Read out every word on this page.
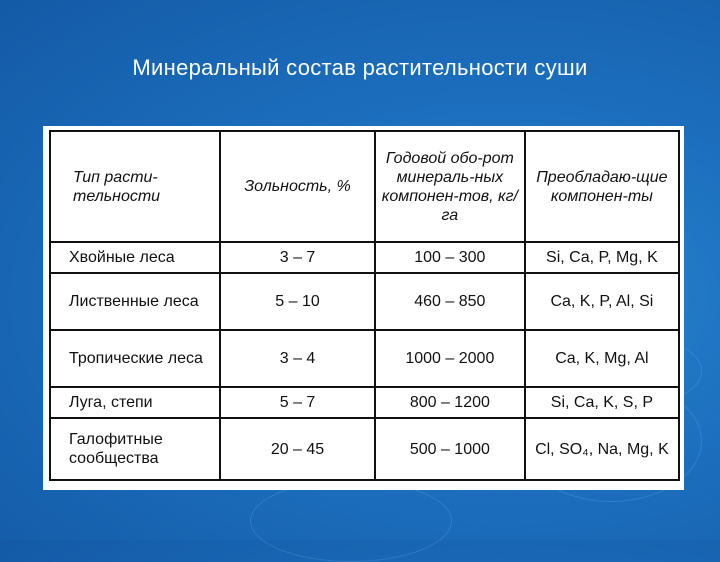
Минеральный состав растительности суши
Тип расти-тельности	Зольность, %	Годовой обо-рот минераль-ных компонен-тов, кг/га	Преобладаю-щие компонен-ты
Хвойные леса	3 – 7	100 – 300	Si, Ca, P, Mg, K
Лиственные леса	5 – 10	460 – 850	Ca, K, P, Al, Si
Тропические леса	3 – 4	1000 – 2000	Ca, K, Mg, Al
Луга, степи	5 – 7	800 – 1200	Si, Ca, K, S, P
Галофитные сообщества	20 – 45	500 – 1000	Cl, SO₄, Na, Mg, K
